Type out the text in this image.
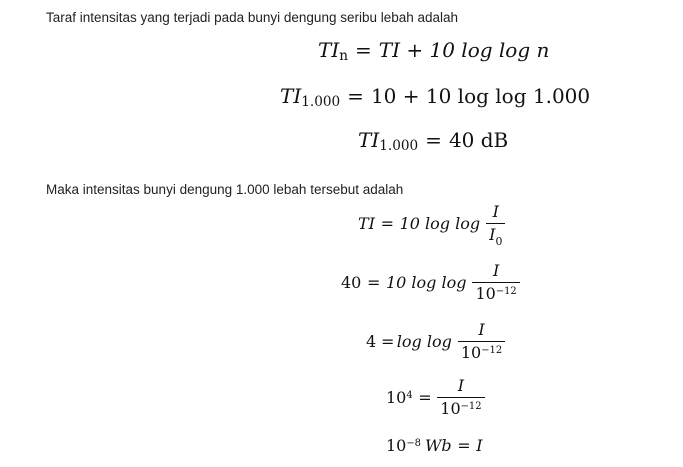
Taraf intensitas yang terjadi pada bunyi dengung seribu lebah adalah
TI n = TI + 10 log log n
TI 1.000 = 10 + 10 log log 1.000
TI 1.000 = 40 dB
Maka intensitas bunyi dengung 1.000 lebah tersebut adalah
TI = 10 $\log \log \frac{I}{I_0}$
40 = 10 $\log \log \frac{I}{10^{-12}}$
$4 = \log \log \frac{I}{10^{-12}}$
$10^4 = \frac{I}{10^{-12}}$
$10^{-8}$ Wb = I
